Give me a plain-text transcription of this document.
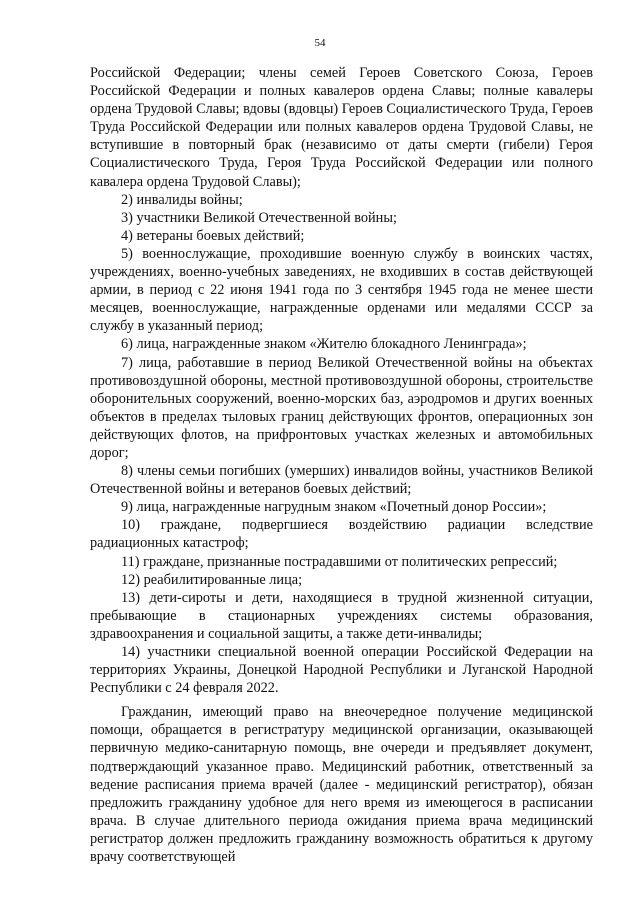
54

Российской Федерации; члены семей Героев Советского Союза, Героев Российской Федерации и полных кавалеров ордена Славы; полные кавалеры ордена Трудовой Славы; вдовы (вдовцы) Героев Социалистического Труда, Героев Труда Российской Федерации или полных кавалеров ордена Трудовой Славы, не вступившие в повторный брак (независимо от даты смерти (гибели) Героя Социалистического Труда, Героя Труда Российской Федерации или полного кавалера ордена Трудовой Славы);

2) инвалиды войны;

3) участники Великой Отечественной войны;

4) ветераны боевых действий;

5) военнослужащие, проходившие военную службу в воинских частях, учреждениях, военно-учебных заведениях, не входивших в состав действующей армии, в период с 22 июня 1941 года по 3 сентября 1945 года не менее шести месяцев, военнослужащие, награжденные орденами или медалями СССР за службу в указанный период;

6) лица, награжденные знаком «Жителю блокадного Ленинграда»;

7) лица, работавшие в период Великой Отечественной войны на объектах противовоздушной обороны, местной противовоздушной обороны, строительстве оборонительных сооружений, военно-морских баз, аэродромов и других военных объектов в пределах тыловых границ действующих фронтов, операционных зон действующих флотов, на прифронтовых участках железных и автомобильных дорог;

8) члены семьи погибших (умерших) инвалидов войны, участников Великой Отечественной войны и ветеранов боевых действий;

9) лица, награжденные нагрудным знаком «Почетный донор России»;

10) граждане, подвергшиеся воздействию радиации вследствие радиационных катастроф;

11) граждане, признанные пострадавшими от политических репрессий;

12) реабилитированные лица;

13) дети-сироты и дети, находящиеся в трудной жизненной ситуации, пребывающие в стационарных учреждениях системы образования, здравоохранения и социальной защиты, а также дети-инвалиды;

14) участники специальной военной операции Российской Федерации на территориях Украины, Донецкой Народной Республики и Луганской Народной Республики с 24 февраля 2022.

Гражданин, имеющий право на внеочередное получение медицинской помощи, обращается в регистратуру медицинской организации, оказывающей первичную медико-санитарную помощь, вне очереди и предъявляет документ, подтверждающий указанное право. Медицинский работник, ответственный за ведение расписания приема врачей (далее - медицинский регистратор), обязан предложить гражданину удобное для него время из имеющегося в расписании врача. В случае длительного периода ожидания приема врача медицинский регистратор должен предложить гражданину возможность обратиться к другому врачу соответствующей
